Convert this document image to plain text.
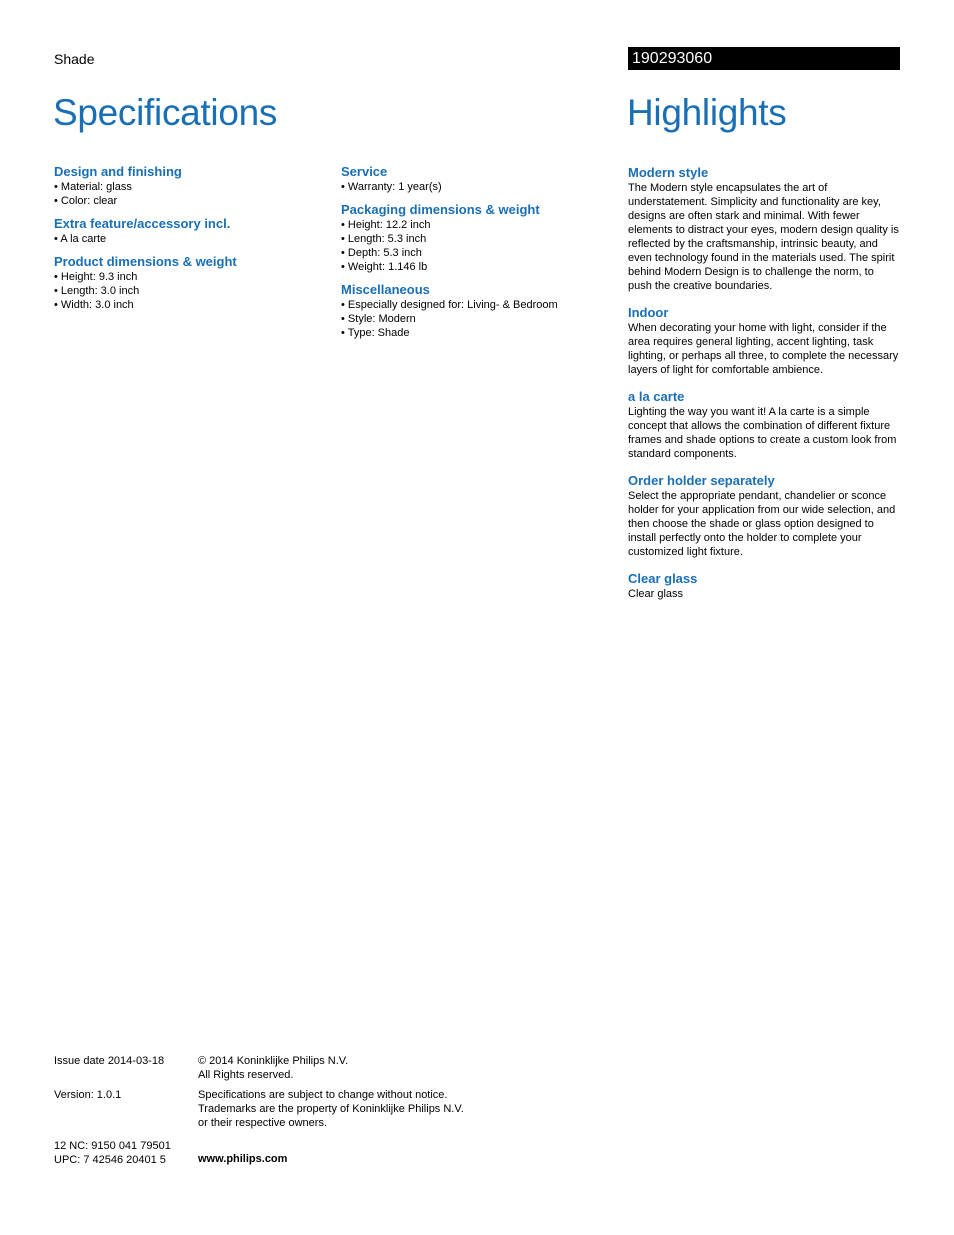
Shade	190293060
Specifications	Highlights
Design and finishing
• Material: glass
• Color: clear
Extra feature/accessory incl.
• A la carte
Product dimensions & weight
• Height: 9.3 inch
• Length: 3.0 inch
• Width: 3.0 inch
Service
• Warranty: 1 year(s)
Packaging dimensions & weight
• Height: 12.2 inch
• Length: 5.3 inch
• Depth: 5.3 inch
• Weight: 1.146 lb
Miscellaneous
• Especially designed for: Living- & Bedroom
• Style: Modern
• Type: Shade
Modern style

The Modern style encapsulates the art of understatement. Simplicity and functionality are key, designs are often stark and minimal. With fewer elements to distract your eyes, modern design quality is reflected by the craftsmanship, intrinsic beauty, and even technology found in the materials used. The spirit behind Modern Design is to challenge the norm, to push the creative boundaries.

Indoor

When decorating your home with light, consider if the area requires general lighting, accent lighting, task lighting, or perhaps all three, to complete the necessary layers of light for comfortable ambience.

a la carte

Lighting the way you want it! A la carte is a simple concept that allows the combination of different fixture frames and shade options to create a custom look from standard components.

Order holder separately

Select the appropriate pendant, chandelier or sconce holder for your application from our wide selection, and then choose the shade or glass option designed to install perfectly onto the holder to complete your customized light fixture.

Clear glass

Clear glass

Issue date 2014-03-18
Version: 1.0.1
12 NC: 9150 041 79501
UPC: 7 42546 20401 5
© 2014 Koninklijke Philips N.V.
All Rights reserved.
Specifications are subject to change without notice.
Trademarks are the property of Koninklijke Philips N.V.
or their respective owners.
www.philips.com
